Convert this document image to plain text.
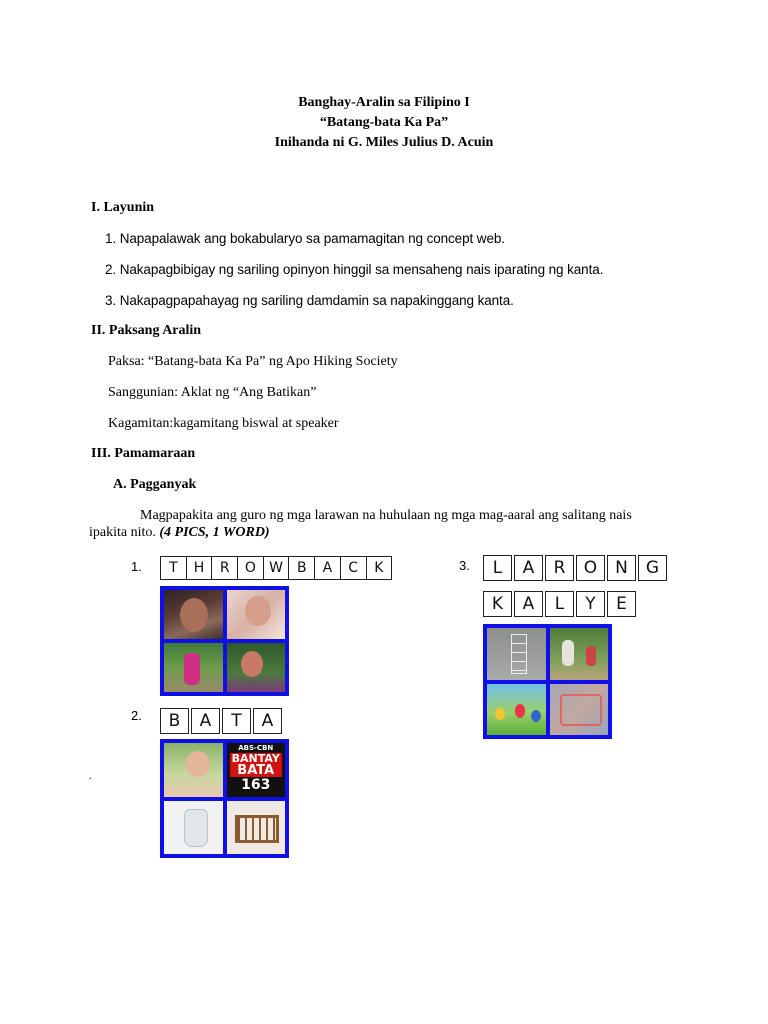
Banghay-Aralin sa Filipino I
“Batang-bata Ka Pa”
Inihanda ni G. Miles Julius D. Acuin
I. Layunin
1. Napapalawak ang bokabularyo sa pamamagitan ng concept web.
2. Nakapagbibigay ng sariling opinyon hinggil sa mensaheng nais iparating ng kanta.
3. Nakapagpapahayag ng sariling damdamin sa napakinggang kanta.
II. Paksang Aralin
Paksa: “Batang-bata Ka Pa” ng Apo Hiking Society
Sanggunian: Aklat ng “Ang Batikan”
Kagamitan:kagamitang biswal at speaker
III. Pamamaraan
A. Pagganyak
Magpapakita ang guro ng mga larawan na huhulaan ng mga mag-aaral ang salitang nais
ipakita nito. (4 PICS, 1 WORD)
1.	T	H	R	O W B	A	C	K
2.	B	A	T	A
ABS-CBN
BANTAY
BATA
163
.
3.	L	A	R	O	N	G
K	A	L	Y	E
